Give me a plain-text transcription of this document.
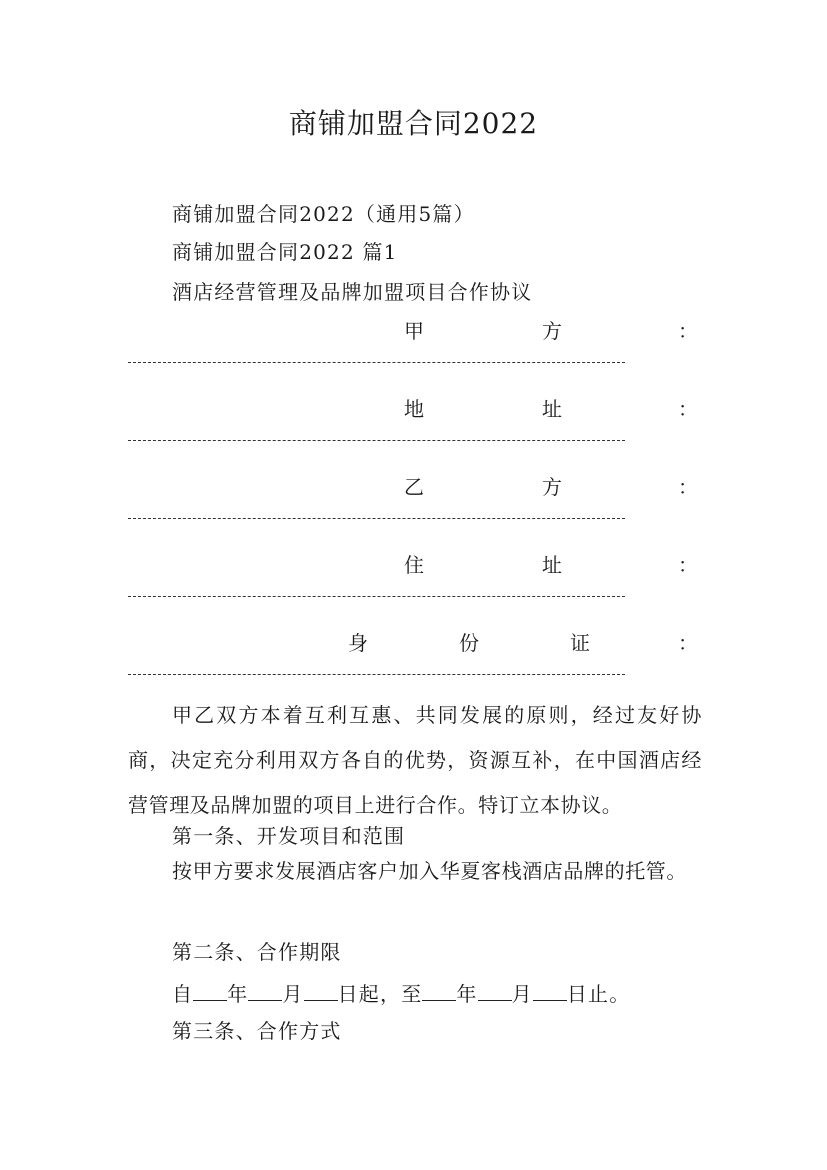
商铺加盟合同2022
商铺加盟合同2022（通用5篇）
商铺加盟合同2022 篇1
酒店经营管理及品牌加盟项目合作协议
甲	方	：
地	址	：
乙	方	：
住	址	：
身	份	证	：
甲乙双方本着互利互惠、共同发展的原则，经过友好协商，决定充分利用双方各自的优势，资源互补，在中国酒店经营管理及品牌加盟的项目上进行合作。特订立本协议。
第一条、开发项目和范围
按甲方要求发展酒店客户加入华夏客栈酒店品牌的托管。
第二条、合作期限
自 年 月 日起，至 年 月 日止。
第三条、合作方式
